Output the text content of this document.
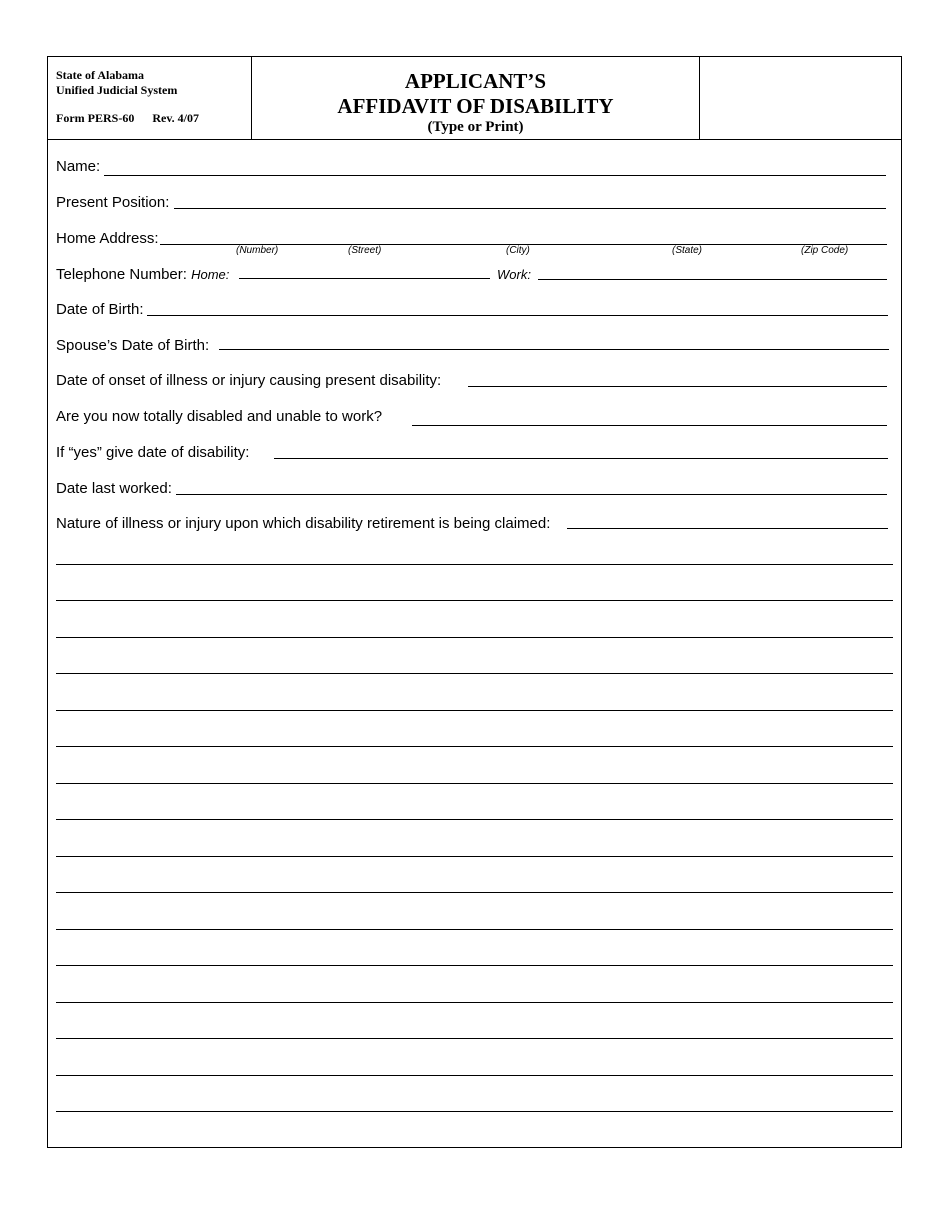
State of Alabama
Unified Judicial System
Form PERS-60 Rev. 4/07
APPLICANT’S
AFFIDAVIT OF DISABILITY
(Type or Print)
Name:
Present Position:
Home Address:
(Number)	(Street)	(City)	(State)	(Zip Code)
Telephone Number: Home:	Work:
Date of Birth:
Spouse’s Date of Birth:
Date of onset of illness or injury causing present disability:
Are you now totally disabled and unable to work?
If “yes” give date of disability:
Date last worked:
Nature of illness or injury upon which disability retirement is being claimed:
